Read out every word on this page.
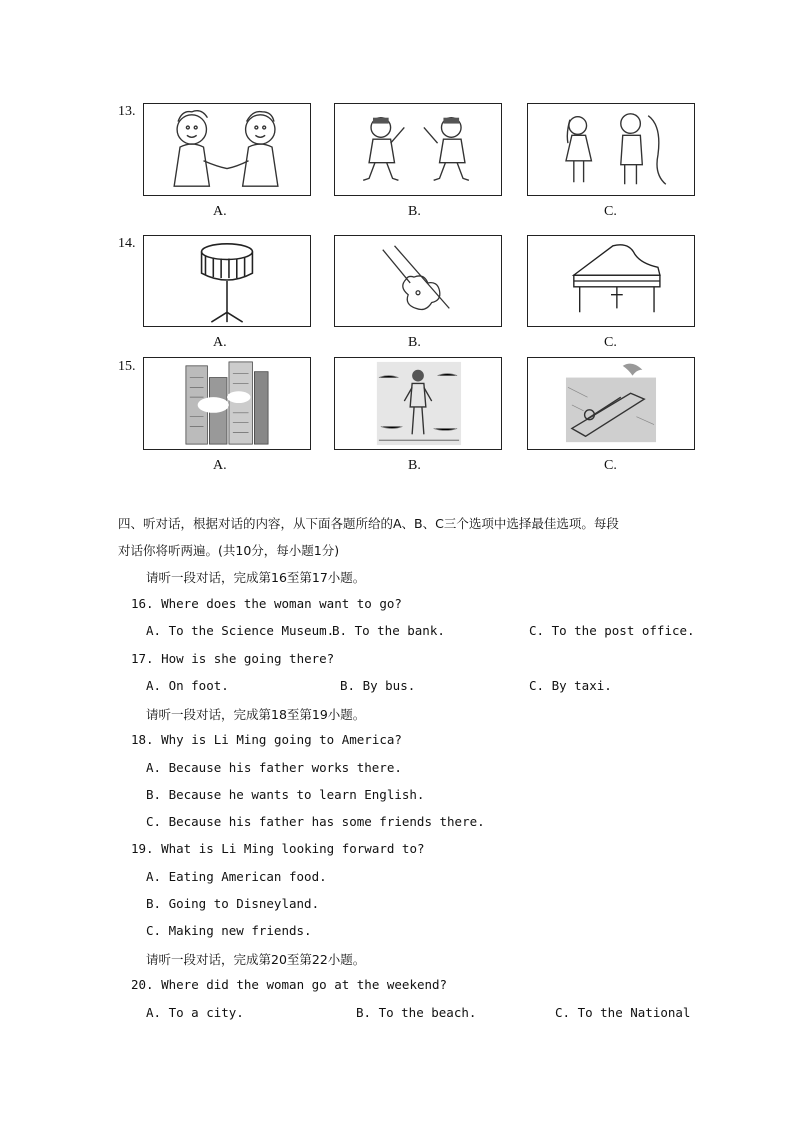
13.
A.	B.	C.
14.
A.	B.	C.
15.
A.	B.	C.
四、听对话，根据对话的内容，从下面各题所给的A、B、C三个选项中选择最佳选项。每段
对话你将听两遍。(共10分，每小题1分)
请听一段对话，完成第16至第17小题。
16. Where does the woman want to go?
A. To the Science Museum.
B. To the bank.	C. To the post office.
17. How is she going there?
A. On foot.	B. By bus.	C. By taxi.
请听一段对话，完成第18至第19小题。
18. Why is Li Ming going to America?
A. Because his father works there.
B. Because he wants to learn English.
C. Because his father has some friends there.
19. What is Li Ming looking forward to?
A. Eating American food.
B. Going to Disneyland.
C. Making new friends.
请听一段对话，完成第20至第22小题。
20. Where did the woman go at the weekend?
A. To a city.	B. To the beach.	C. To the National
